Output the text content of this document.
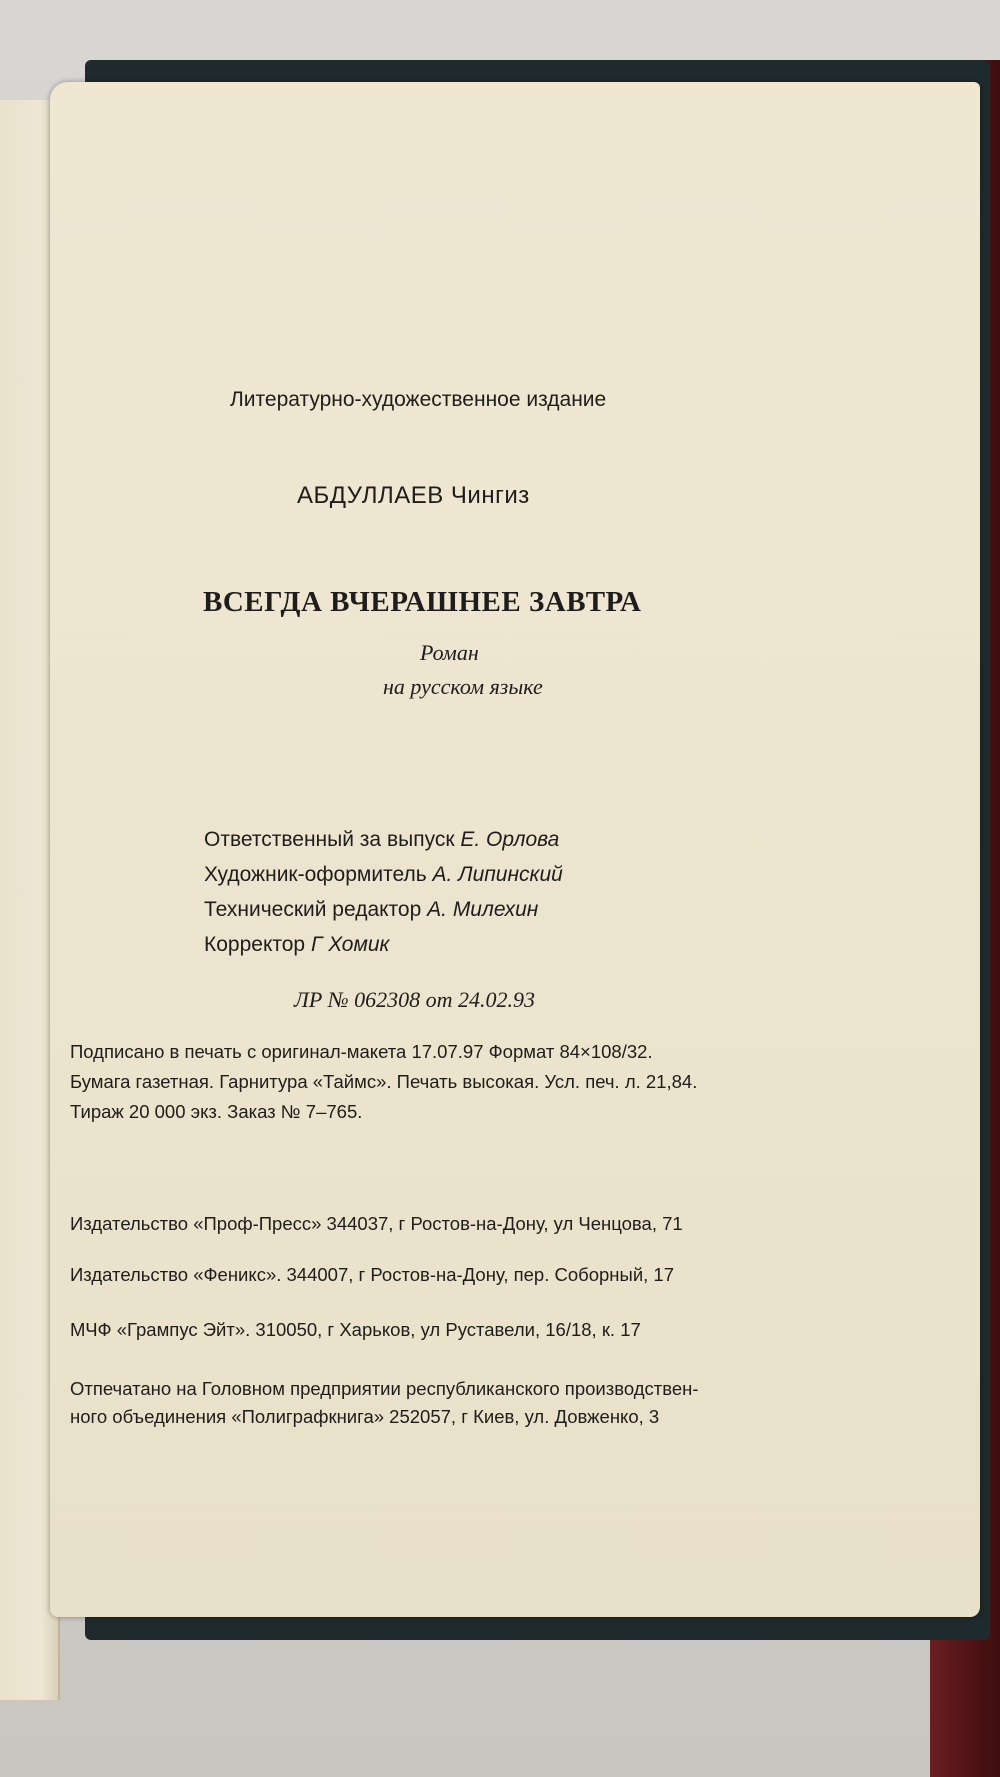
Литературно-художественное издание
АБДУЛЛАЕВ Чингиз
ВСЕГДА ВЧЕРАШНЕЕ ЗАВТРА
Роман
на русском языке
Ответственный за выпуск Е. Орлова
Художник-оформитель А. Липинский
Технический редактор А. Милехин
Корректор Г Хомик
ЛР № 062308 от 24.02.93
Подписано в печать с оригинал-макета 17.07.97 Формат 84×108/32.
Бумага газетная. Гарнитура «Таймс». Печать высокая. Усл. печ. л. 21,84.
Тираж 20 000 экз. Заказ № 7–765.
Издательство «Проф-Пресс» 344037, г Ростов-на-Дону, ул Ченцова, 71
Издательство «Феникс». 344007, г Ростов-на-Дону, пер. Соборный, 17
МЧФ «Грампус Эйт». 310050, г Харьков, ул Руставели, 16/18, к. 17
Отпечатано на Головном предприятии республиканского производствен-
ного объединения «Полиграфкнига» 252057, г Киев, ул. Довженко, 3
